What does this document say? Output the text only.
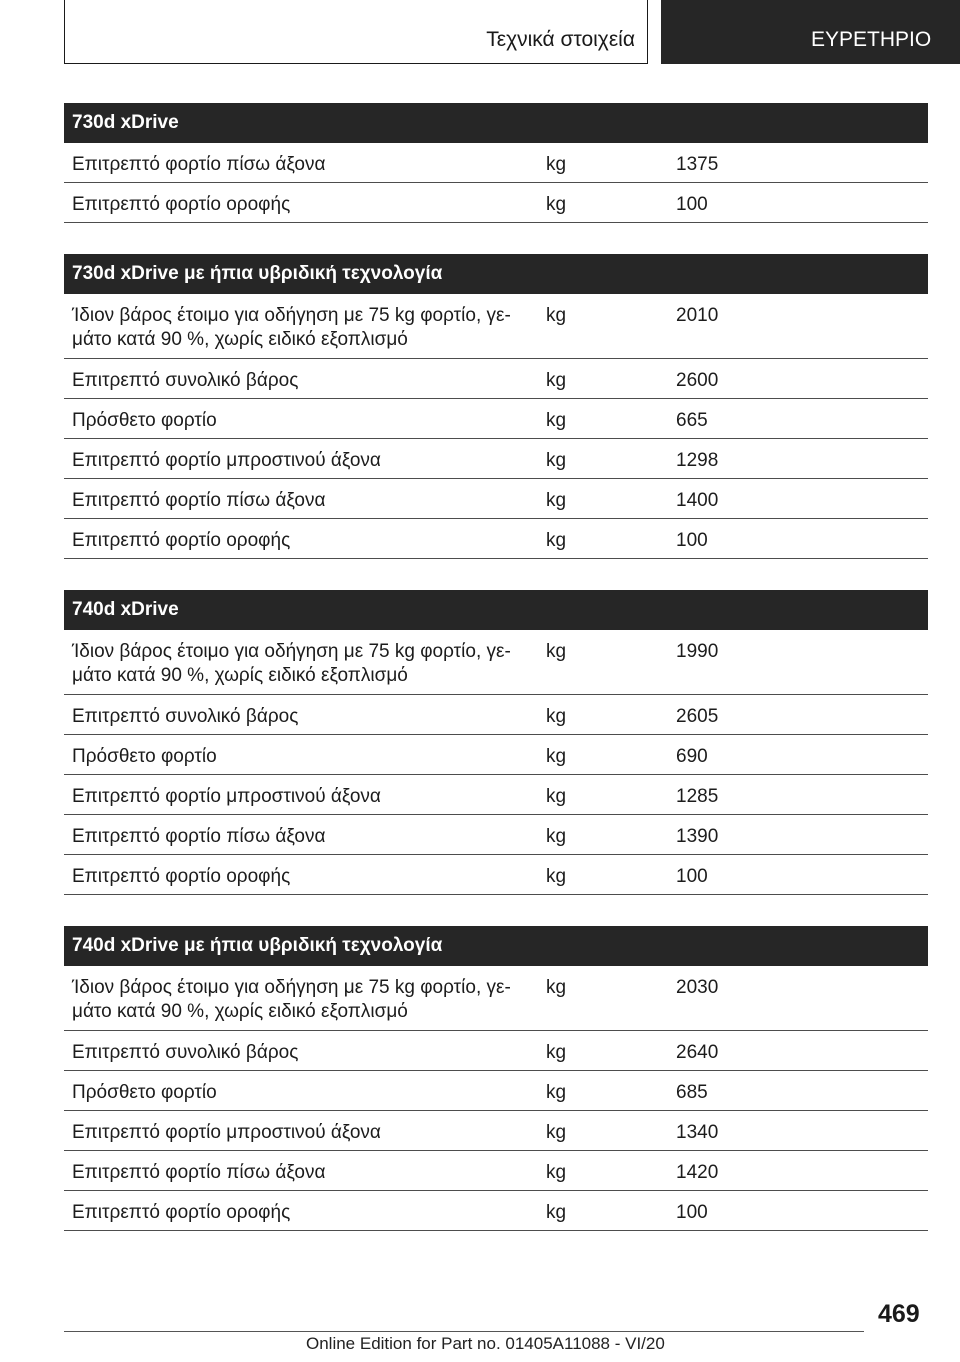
Τεχνικά στοιχεία	ΕΥΡΕΤΗΡΙΟ
730d xDrive
Επιτρεπτό φορτίο πίσω άξονα	kg	1375
Επιτρεπτό φορτίο οροφής	kg	100
730d xDrive με ήπια υβριδική τεχνολογία
Ίδιον βάρος έτοιμο για οδήγηση με 75 kg φορτίο, γε-
μάτο κατά 90 %, χωρίς ειδικό εξοπλισμό
kg	2010
Επιτρεπτό συνολικό βάρος	kg	2600
Πρόσθετο φορτίο	kg	665
Επιτρεπτό φορτίο μπροστινού άξονα	kg	1298
Επιτρεπτό φορτίο πίσω άξονα	kg	1400
Επιτρεπτό φορτίο οροφής	kg	100
740d xDrive
Ίδιον βάρος έτοιμο για οδήγηση με 75 kg φορτίο, γε-
μάτο κατά 90 %, χωρίς ειδικό εξοπλισμό
kg	1990
Επιτρεπτό συνολικό βάρος	kg	2605
Πρόσθετο φορτίο	kg	690
Επιτρεπτό φορτίο μπροστινού άξονα	kg	1285
Επιτρεπτό φορτίο πίσω άξονα	kg	1390
Επιτρεπτό φορτίο οροφής	kg	100
740d xDrive με ήπια υβριδική τεχνολογία
Ίδιον βάρος έτοιμο για οδήγηση με 75 kg φορτίο, γε-
μάτο κατά 90 %, χωρίς ειδικό εξοπλισμό
kg	2030
Επιτρεπτό συνολικό βάρος	kg	2640
Πρόσθετο φορτίο	kg	685
Επιτρεπτό φορτίο μπροστινού άξονα	kg	1340
Επιτρεπτό φορτίο πίσω άξονα	kg	1420
Επιτρεπτό φορτίο οροφής	kg	100
469
Online Edition for Part no. 01405A11088 - VI/20
